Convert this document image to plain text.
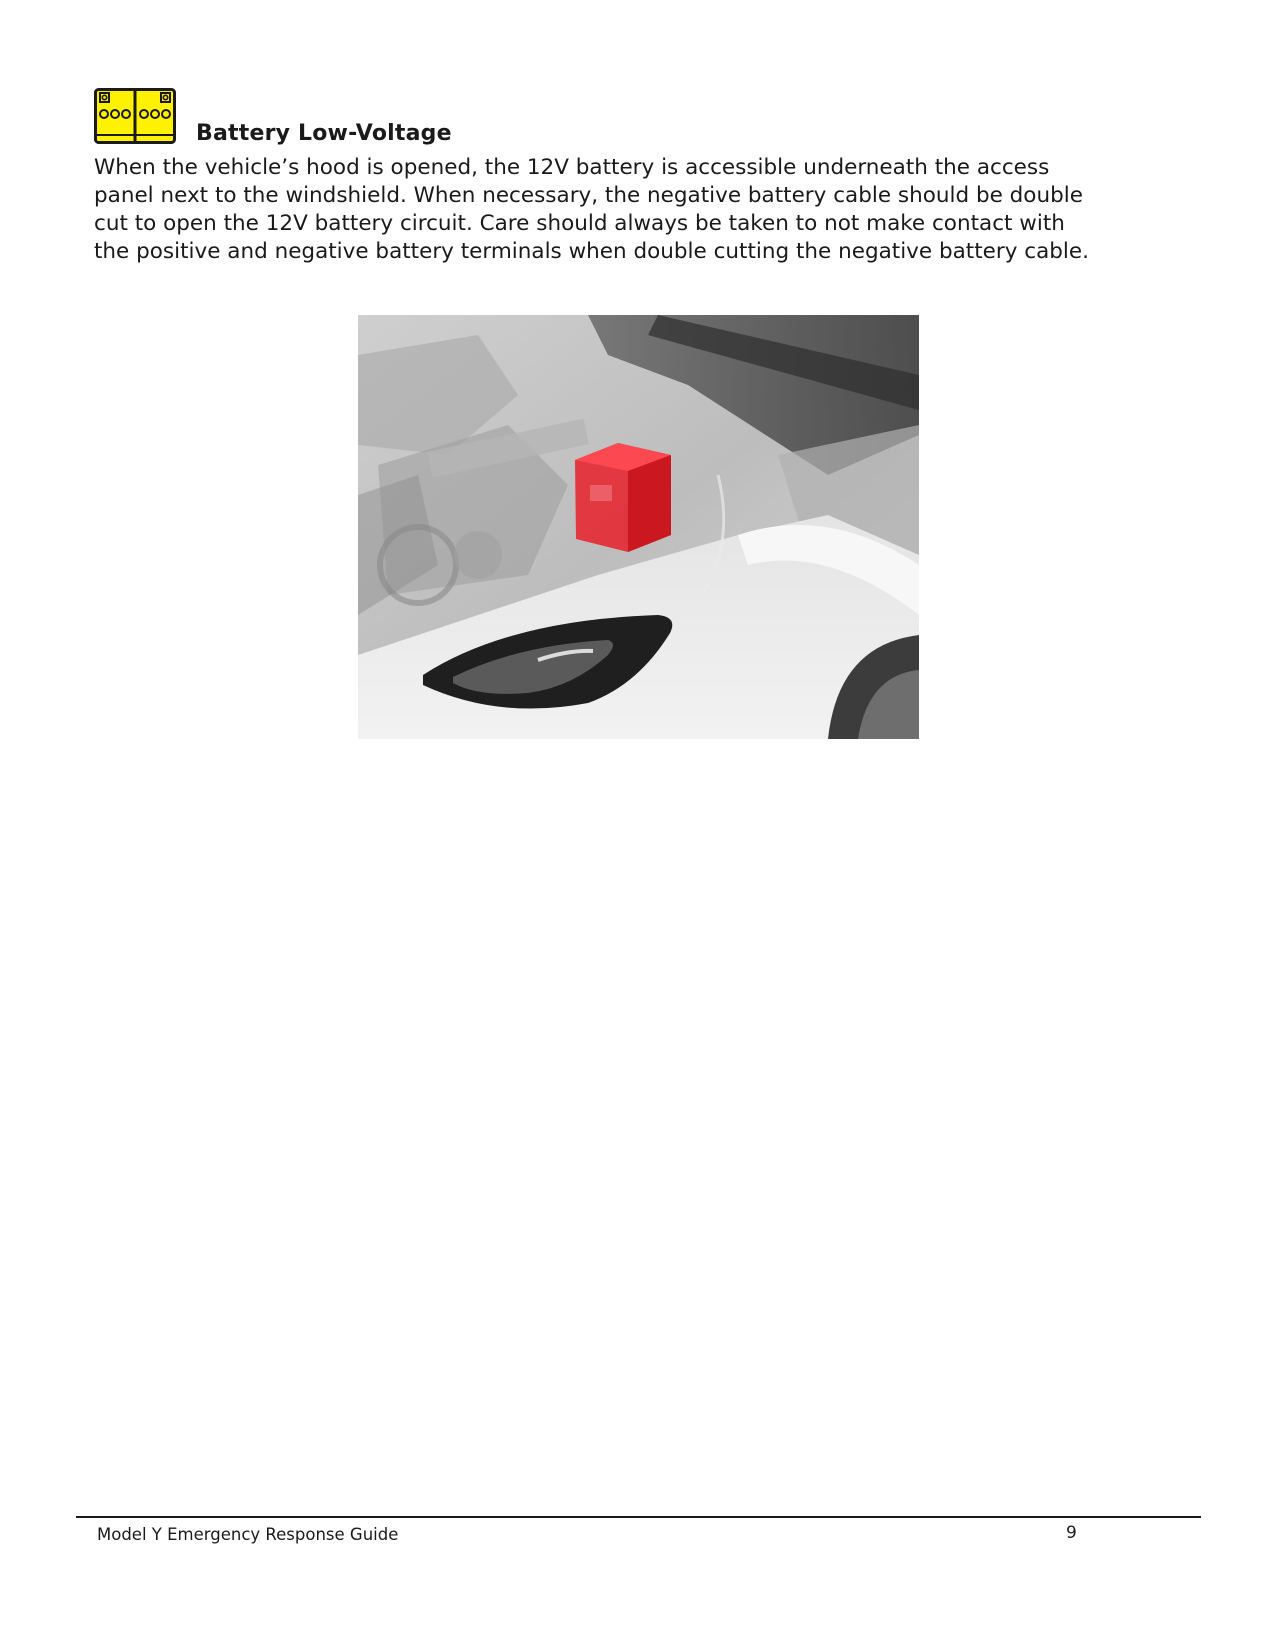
Battery Low-Voltage

When the vehicle’s hood is opened, the 12V battery is accessible underneath the access
panel next to the windshield. When necessary, the negative battery cable should be double
cut to open the 12V battery circuit. Care should always be taken to not make contact with
the positive and negative battery terminals when double cutting the negative battery cable.

Model Y Emergency Response Guide	9
